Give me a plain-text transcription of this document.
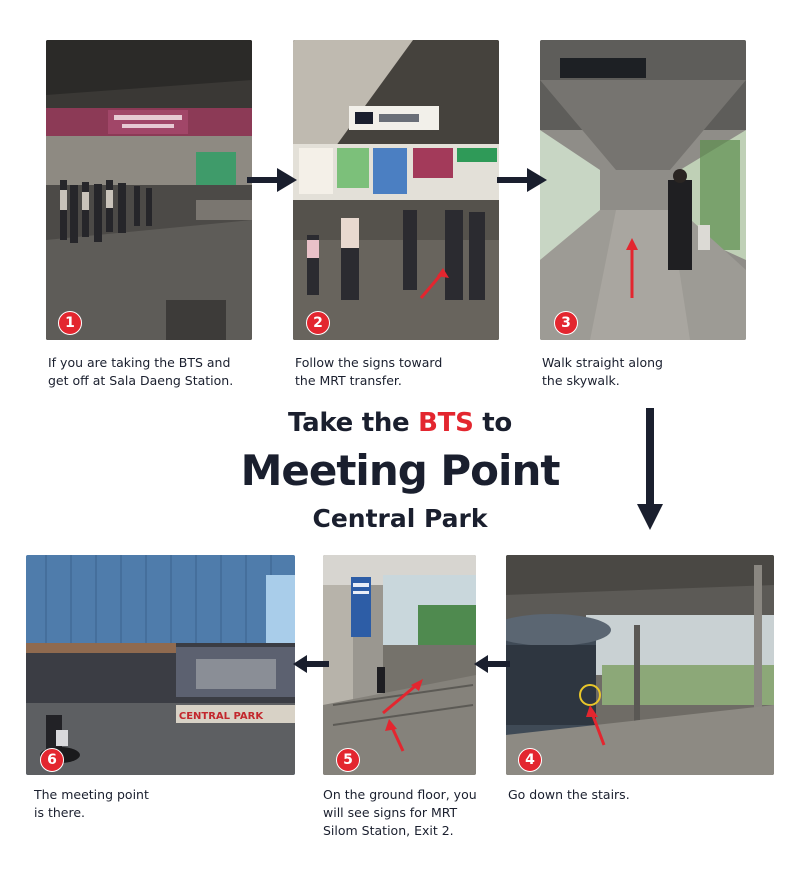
1	2	3
If you are taking the BTS and
get off at Sala Daeng Station.
Follow the signs toward
the MRT transfer.
Walk straight along
the skywalk.
Take the BTS to
Meeting Point
Central Park
CENTRAL PARK
6	5	4
The meeting point
is there.
On the ground floor, you
will see signs for MRT
Silom Station, Exit 2.
Go down the stairs.
